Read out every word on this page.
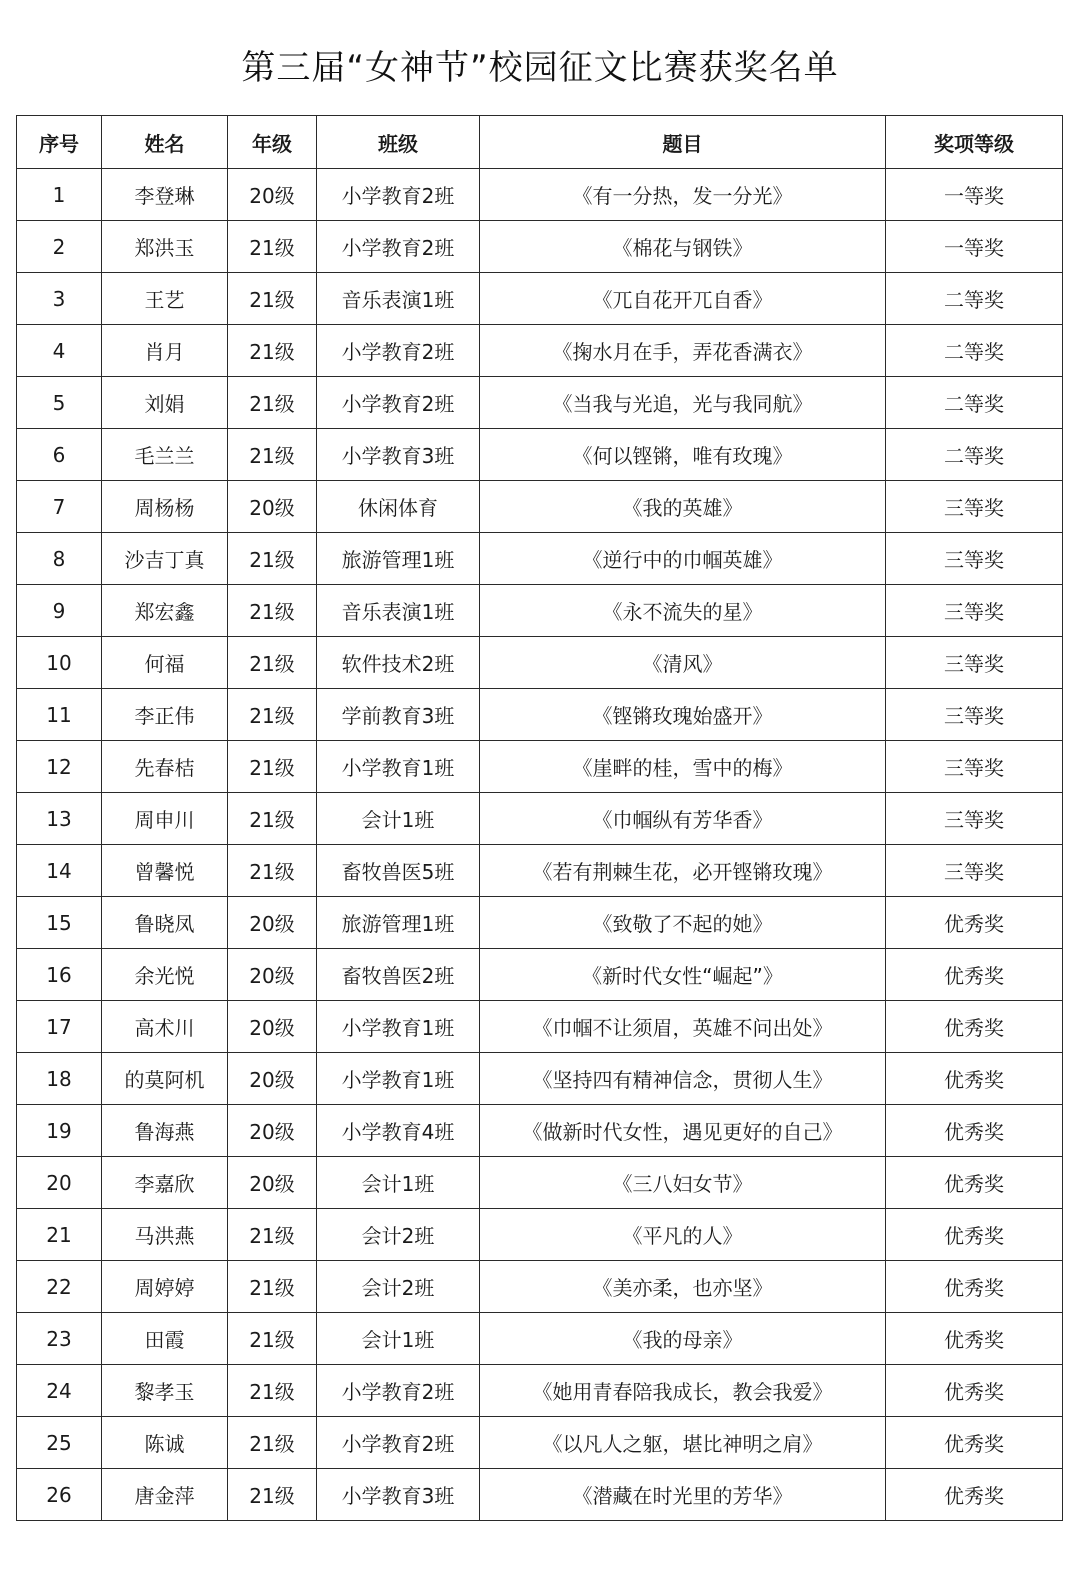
第三届“女神节”校园征文比赛获奖名单
序号	姓名	年级	班级	题目	奖项等级
1	李登琳	20级	小学教育2班	《有一分热，发一分光》	一等奖
2	郑洪玉	21级	小学教育2班	《棉花与钢铁》	一等奖
3	王艺	21级	音乐表演1班	《兀自花开兀自香》	二等奖
4	肖月	21级	小学教育2班	《掬水月在手，弄花香满衣》	二等奖
5	刘娟	21级	小学教育2班	《当我与光追，光与我同航》	二等奖
6	毛兰兰	21级	小学教育3班	《何以铿锵，唯有玫瑰》	二等奖
7	周杨杨	20级	休闲体育	《我的英雄》	三等奖
8	沙吉丁真	21级	旅游管理1班	《逆行中的巾帼英雄》	三等奖
9	郑宏鑫	21级	音乐表演1班	《永不流失的星》	三等奖
10	何福	21级	软件技术2班	《清风》	三等奖
11	李正伟	21级	学前教育3班	《铿锵玫瑰始盛开》	三等奖
12	先春桔	21级	小学教育1班	《崖畔的桂，雪中的梅》	三等奖
13	周申川	21级	会计1班	《巾帼纵有芳华香》	三等奖
14	曾馨悦	21级	畜牧兽医5班	《若有荆棘生花，必开铿锵玫瑰》	三等奖
15	鲁晓凤	20级	旅游管理1班	《致敬了不起的她》	优秀奖
16	余光悦	20级	畜牧兽医2班	《新时代女性“崛起”》	优秀奖
17	高术川	20级	小学教育1班	《巾帼不让须眉，英雄不问出处》	优秀奖
18	的莫阿机	20级	小学教育1班	《坚持四有精神信念，贯彻人生》	优秀奖
19	鲁海燕	20级	小学教育4班	《做新时代女性，遇见更好的自己》	优秀奖
20	李嘉欣	20级	会计1班	《三八妇女节》	优秀奖
21	马洪燕	21级	会计2班	《平凡的人》	优秀奖
22	周婷婷	21级	会计2班	《美亦柔，也亦坚》	优秀奖
23	田霞	21级	会计1班	《我的母亲》	优秀奖
24	黎孝玉	21级	小学教育2班	《她用青春陪我成长，教会我爱》	优秀奖
25	陈诚	21级	小学教育2班	《以凡人之躯，堪比神明之肩》	优秀奖
26	唐金萍	21级	小学教育3班	《潜藏在时光里的芳华》	优秀奖
